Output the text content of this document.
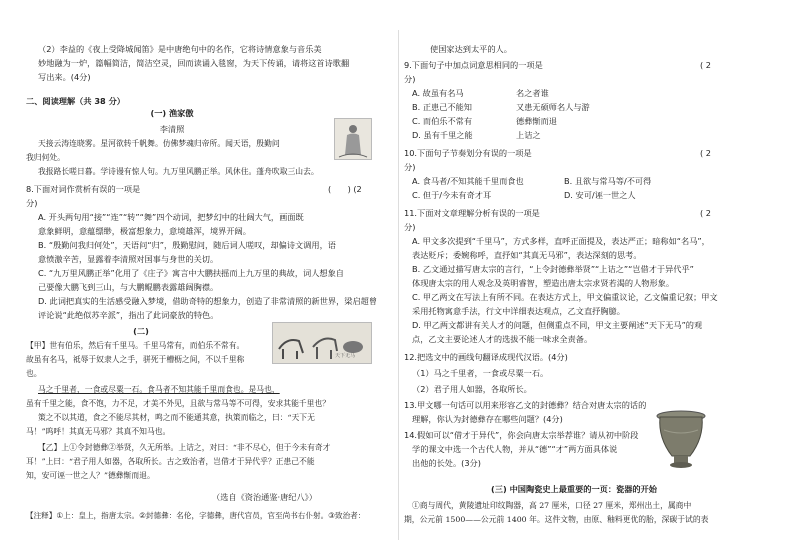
（2）李益的《夜上受降城闻笛》是中唐绝句中的名作，它将诗情意象与音乐美
妙地融为一炉，篇幅简洁，简洁空灵，回而读诵入毯窗，为天下传诵，请将这首诗歌翻
写出来。(4分)
二、阅读理解（共 38 分）
(一) 渔家傲
李清照
天接云涛连晓雾。星河欲转千帆舞。仿佛梦魂归帝所。闻天语，殷勤问
我归何处。
我报路长嗟日暮。学诗谩有惊人句。九万里风鹏正举。风休住。蓬舟吹取三山去。
8.下面对词作赏析有误的一项是	(　　) (2
分)
A. 开头两句用“接”“连”“转”“舞”四个动词，把梦幻中的壮阔大气，画面既
意象鲜明，意蕴缥缈，极富想象力，意境雄浑，境界开阔。
B. “殷勤问我归何处”，天语问“归”，殷勤慰问，随后词人嗟叹，却偏诗文调用，语
意愤激辛苦，显露着李清照对国事与身世的关切。
C. “九万里风鹏正举”化用了《庄子》寓言中大鹏扶摇而上九万里的典故，词人想象自
己要像大鹏飞到三山，与大鹏鲲鹏表露雄阔胸襟。
D. 此词把真实的生活感受融入梦境，借助奇特的想象力，创造了非常清照的新世界，梁启超曾
评论说“此绝似苏辛派”，指出了此词豪放的特色。
(二)
天下无马
【甲】世有伯乐，然后有千里马。千里马常有，而伯乐不常有。
故虽有名马，祗辱于奴隶人之手，骈死于槽枥之间，不以千里称
也。
马之千里者，一食或尽粟一石。食马者不知其能千里而食也。是马也，
虽有千里之能，食不饱，力不足，才美不外见，且欲与常马等不可得，安求其能千里也？
策之不以其道，食之不能尽其材，鸣之而不能通其意，执策而临之，曰：“天下无
马！”呜呼！其真无马邪？其真不知马也。
【乙】上①令封德彝②举贤，久无所举。上诘之，对曰：“非不尽心，但于今未有奇才
耳！”上曰：“君子用人如器，各取所长。古之致治者，岂借才于异代乎？正患己不能
知，安可诬一世之人？”德彝惭而退。
（选自《资治通鉴·唐纪八》）
【注释】①上：皇上，指唐太宗。②封德彝：名伦，字德彝，唐代官员，官至尚书右仆射。③致治者：
使国家达到太平的人。
9.下面句子中加点词意思相同的一项是	( 2
分)
A. 故虽有名马	名之者谁
B. 正患己不能知	又患无硕师名人与游
C. 而伯乐不常有	德彝惭而退
D. 虽有千里之能	上诘之
10.下面句子节奏划分有误的一项是	( 2
分)
A. 食马者/不知其能千里而食也	B. 且欲与常马等/不可得
C. 但于/今未有奇才耳	D. 安可/诬一世之人
11.下面对文章理解分析有误的一项是	( 2
分)
A. 甲文多次提到“千里马”，方式多样，直呼正面提及，表达严正；暗称如“名马”，
表达贬斥；委婉称呼，直抒如“其真无马邪”，表达深刻的思考。
B. 乙文通过描写唐太宗的言行，“上令封德彝举贤”“上诘之”“岂借才于异代乎”
体现唐太宗的用人观念及英明睿智，塑造出唐太宗求贤若渴的人物形象。
C. 甲乙两文在写法上有所不同。在表达方式上，甲文偏重议论，乙文偏重记叙；甲文
采用托物寓意手法，行文中详细表达观点，乙文直抒胸臆。
D. 甲乙两文都讲有关人才的问题，但侧重点不同，甲文主要阐述“天下无马”的观
点，乙文主要论述人才的选拔不能一味求全责备。
12.把选文中的画线句翻译成现代汉语。(4分)
（1）马之千里者，一食或尽粟一石。
（2）君子用人如器，各取所长。
13.甲文哪一句话可以用来形容乙文的封德彝？结合对唐太宗的话的
理解，你认为封德彝存在哪些问题？(4分)
14.假如可以“借才于异代”，你会向唐太宗举荐谁？请从初中阶段
学的课文中选一个古代人物，并从“德”“才”两方面具体说
出他的长处。(3分)
(三) 中国陶瓷史上最重要的一页：瓷器的开始
①商与周代，黄陵遗址印纹陶器，高 27 厘米，口径 27 厘米，郑州出土，属商中
期，公元前 1500——公元前 1400 年。这件文物，由原、釉料更优的胎，深碳于试的表
